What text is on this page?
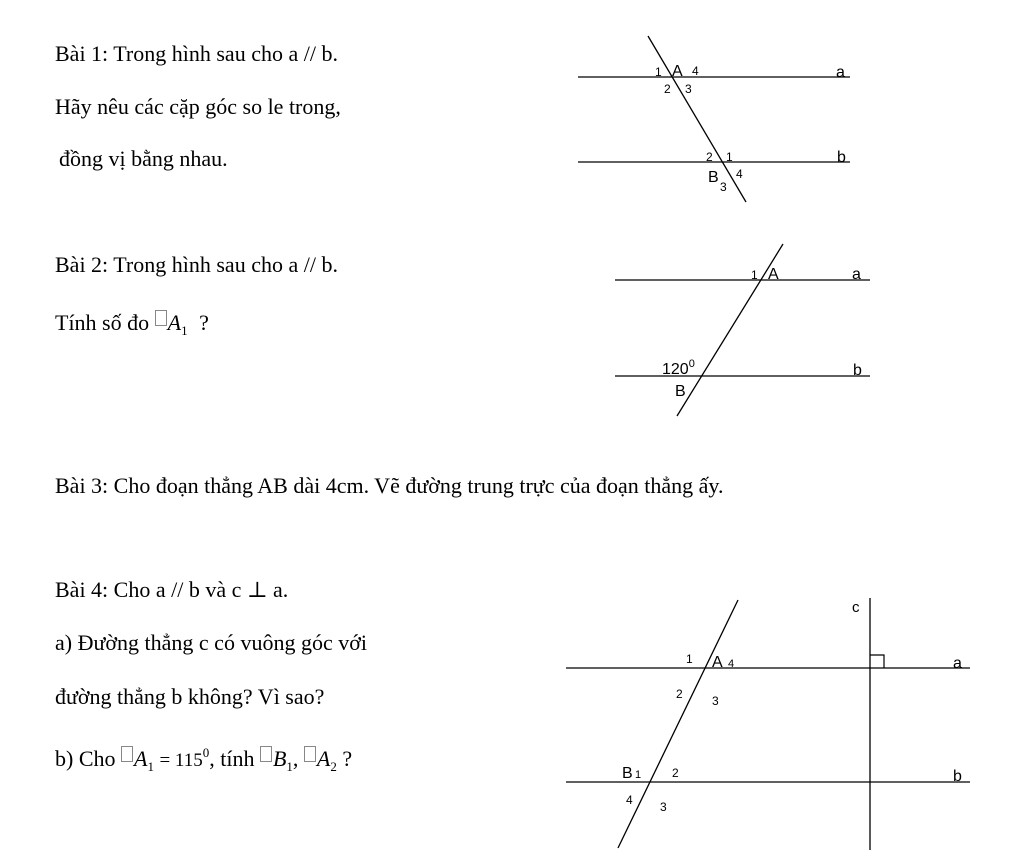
Bài 1: Trong hình sau cho a // b.
Hãy nêu các cặp góc so le trong,
đồng vị bằng nhau.
Bài 2: Trong hình sau cho a // b.
Tính số đo $A_1$ ?
Bài 3: Cho đoạn thẳng AB dài 4cm. Vẽ đường trung trực của đoạn thẳng ấy.
Bài 4: Cho a // b và c ⊥ a.
a) Đường thẳng c có vuông góc với
đường thẳng b không? Vì sao?
b) Cho $A_1 = 115^0$, tính $B_1$, $A_2$ ?
a
b
A
1	4
2 3
2 1
B
3
4
a
b
A
1
$120^0$
B
c
a
b
A 4
1
2 3
B 1	2
4 3
